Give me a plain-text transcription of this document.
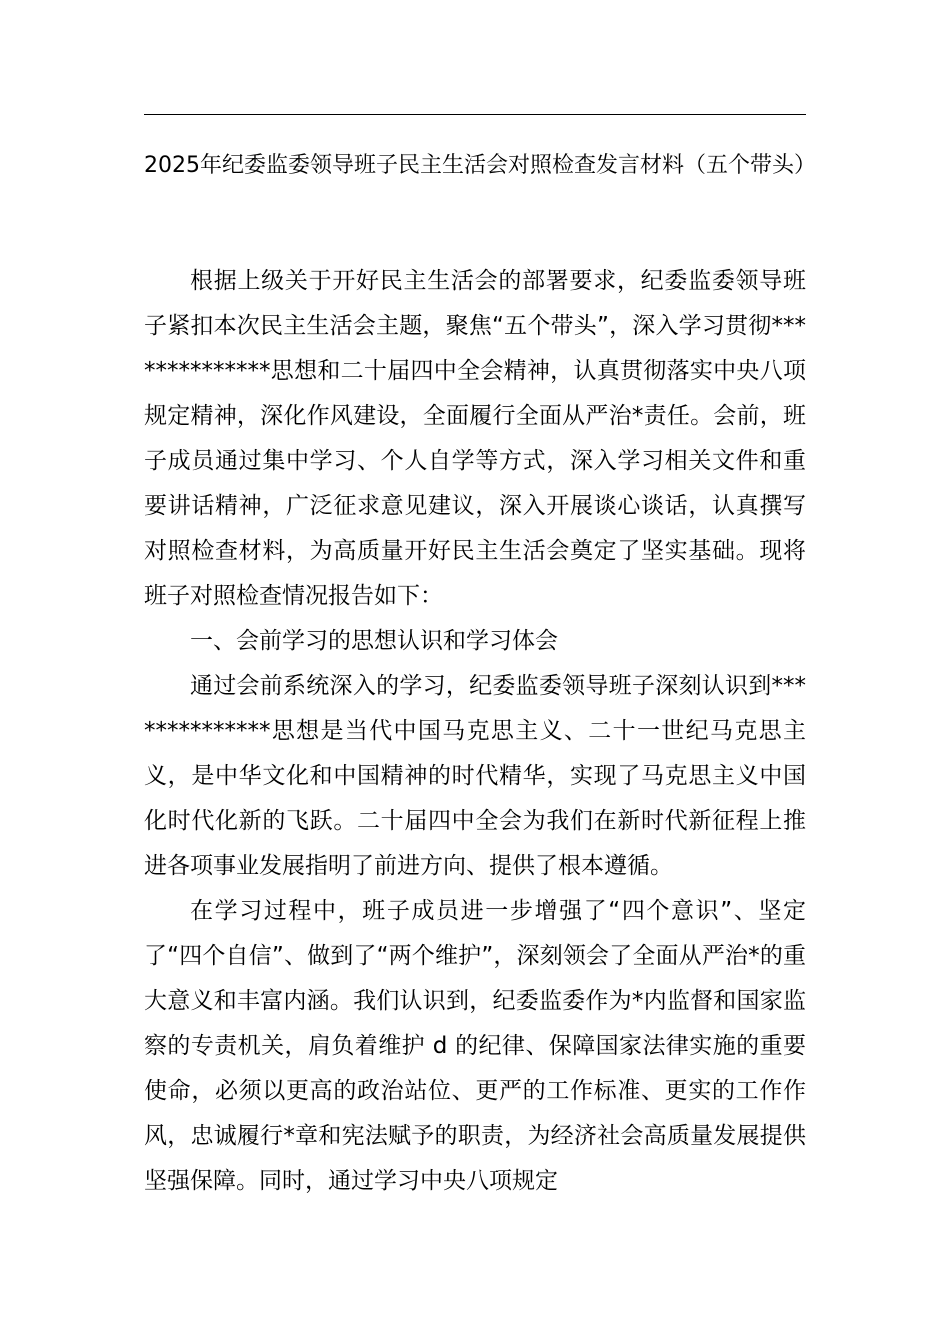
2025年纪委监委领导班子民主生活会对照检查发言材料（五个带头）

根据上级关于开好民主生活会的部署要求，纪委监委领导班子紧扣本次民主生活会主题，聚焦“五个带头”，深入学习贯彻**************思想和二十届四中全会精神，认真贯彻落实中央八项规定精神，深化作风建设，全面履行全面从严治*责任。会前，班子成员通过集中学习、个人自学等方式，深入学习相关文件和重要讲话精神，广泛征求意见建议，深入开展谈心谈话，认真撰写对照检查材料，为高质量开好民主生活会奠定了坚实基础。现将班子对照检查情况报告如下：

一、会前学习的思想认识和学习体会

通过会前系统深入的学习，纪委监委领导班子深刻认识到**************思想是当代中国马克思主义、二十一世纪马克思主义，是中华文化和中国精神的时代精华，实现了马克思主义中国化时代化新的飞跃。二十届四中全会为我们在新时代新征程上推进各项事业发展指明了前进方向、提供了根本遵循。

在学习过程中，班子成员进一步增强了“四个意识”、坚定了“四个自信”、做到了“两个维护”，深刻领会了全面从严治*的重大意义和丰富内涵。我们认识到，纪委监委作为*内监督和国家监察的专责机关，肩负着维护 d 的纪律、保障国家法律实施的重要使命，必须以更高的政治站位、更严的工作标准、更实的工作作风，忠诚履行*章和宪法赋予的职责，为经济社会高质量发展提供坚强保障。同时，通过学习中央八项规定
